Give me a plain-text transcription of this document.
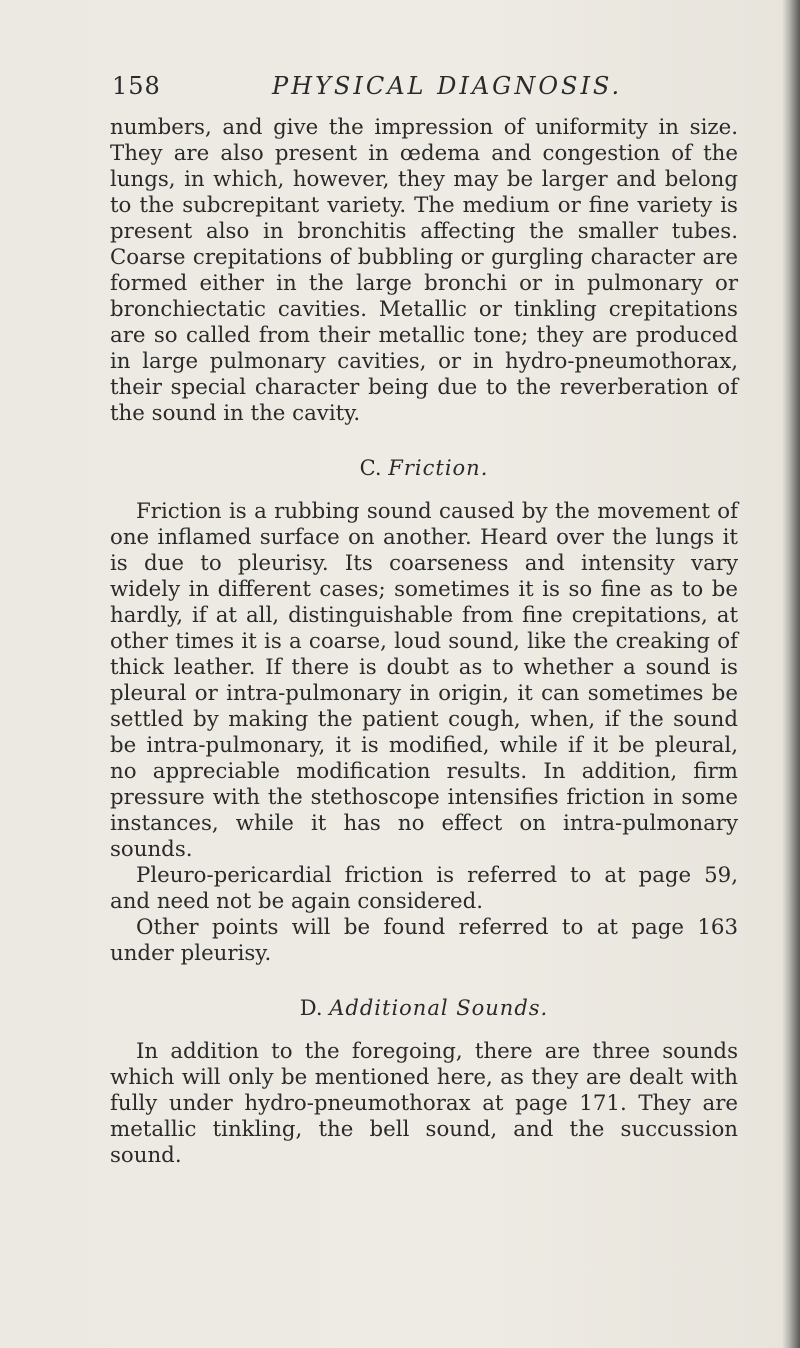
158	PHYSICAL DIAGNOSIS.

numbers, and give the impression of uniformity in size. They are also present in œdema and congestion of the lungs, in which, however, they may be larger and belong to the subcrepitant variety. The medium or fine variety is present also in bronchitis affecting the smaller tubes. Coarse crepitations of bubbling or gurgling character are formed either in the large bronchi or in pulmonary or bronchiectatic cavities. Metallic or tinkling crepitations are so called from their metallic tone; they are produced in large pulmonary cavities, or in hydro-pneumothorax, their special character being due to the reverberation of the sound in the cavity.

C. Friction.

Friction is a rubbing sound caused by the movement of one inflamed surface on another. Heard over the lungs it is due to pleurisy. Its coarseness and intensity vary widely in different cases; sometimes it is so fine as to be hardly, if at all, distinguishable from fine crepitations, at other times it is a coarse, loud sound, like the creaking of thick leather. If there is doubt as to whether a sound is pleural or intra-pulmonary in origin, it can sometimes be settled by making the patient cough, when, if the sound be intra-pulmonary, it is modified, while if it be pleural, no appreciable modification results. In addition, firm pressure with the stethoscope intensifies friction in some instances, while it has no effect on intra-pulmonary sounds.

Pleuro-pericardial friction is referred to at page 59, and need not be again considered.

Other points will be found referred to at page 163 under pleurisy.

D. Additional Sounds.

In addition to the foregoing, there are three sounds which will only be mentioned here, as they are dealt with fully under hydro-pneumothorax at page 171. They are metallic tinkling, the bell sound, and the succussion sound.
